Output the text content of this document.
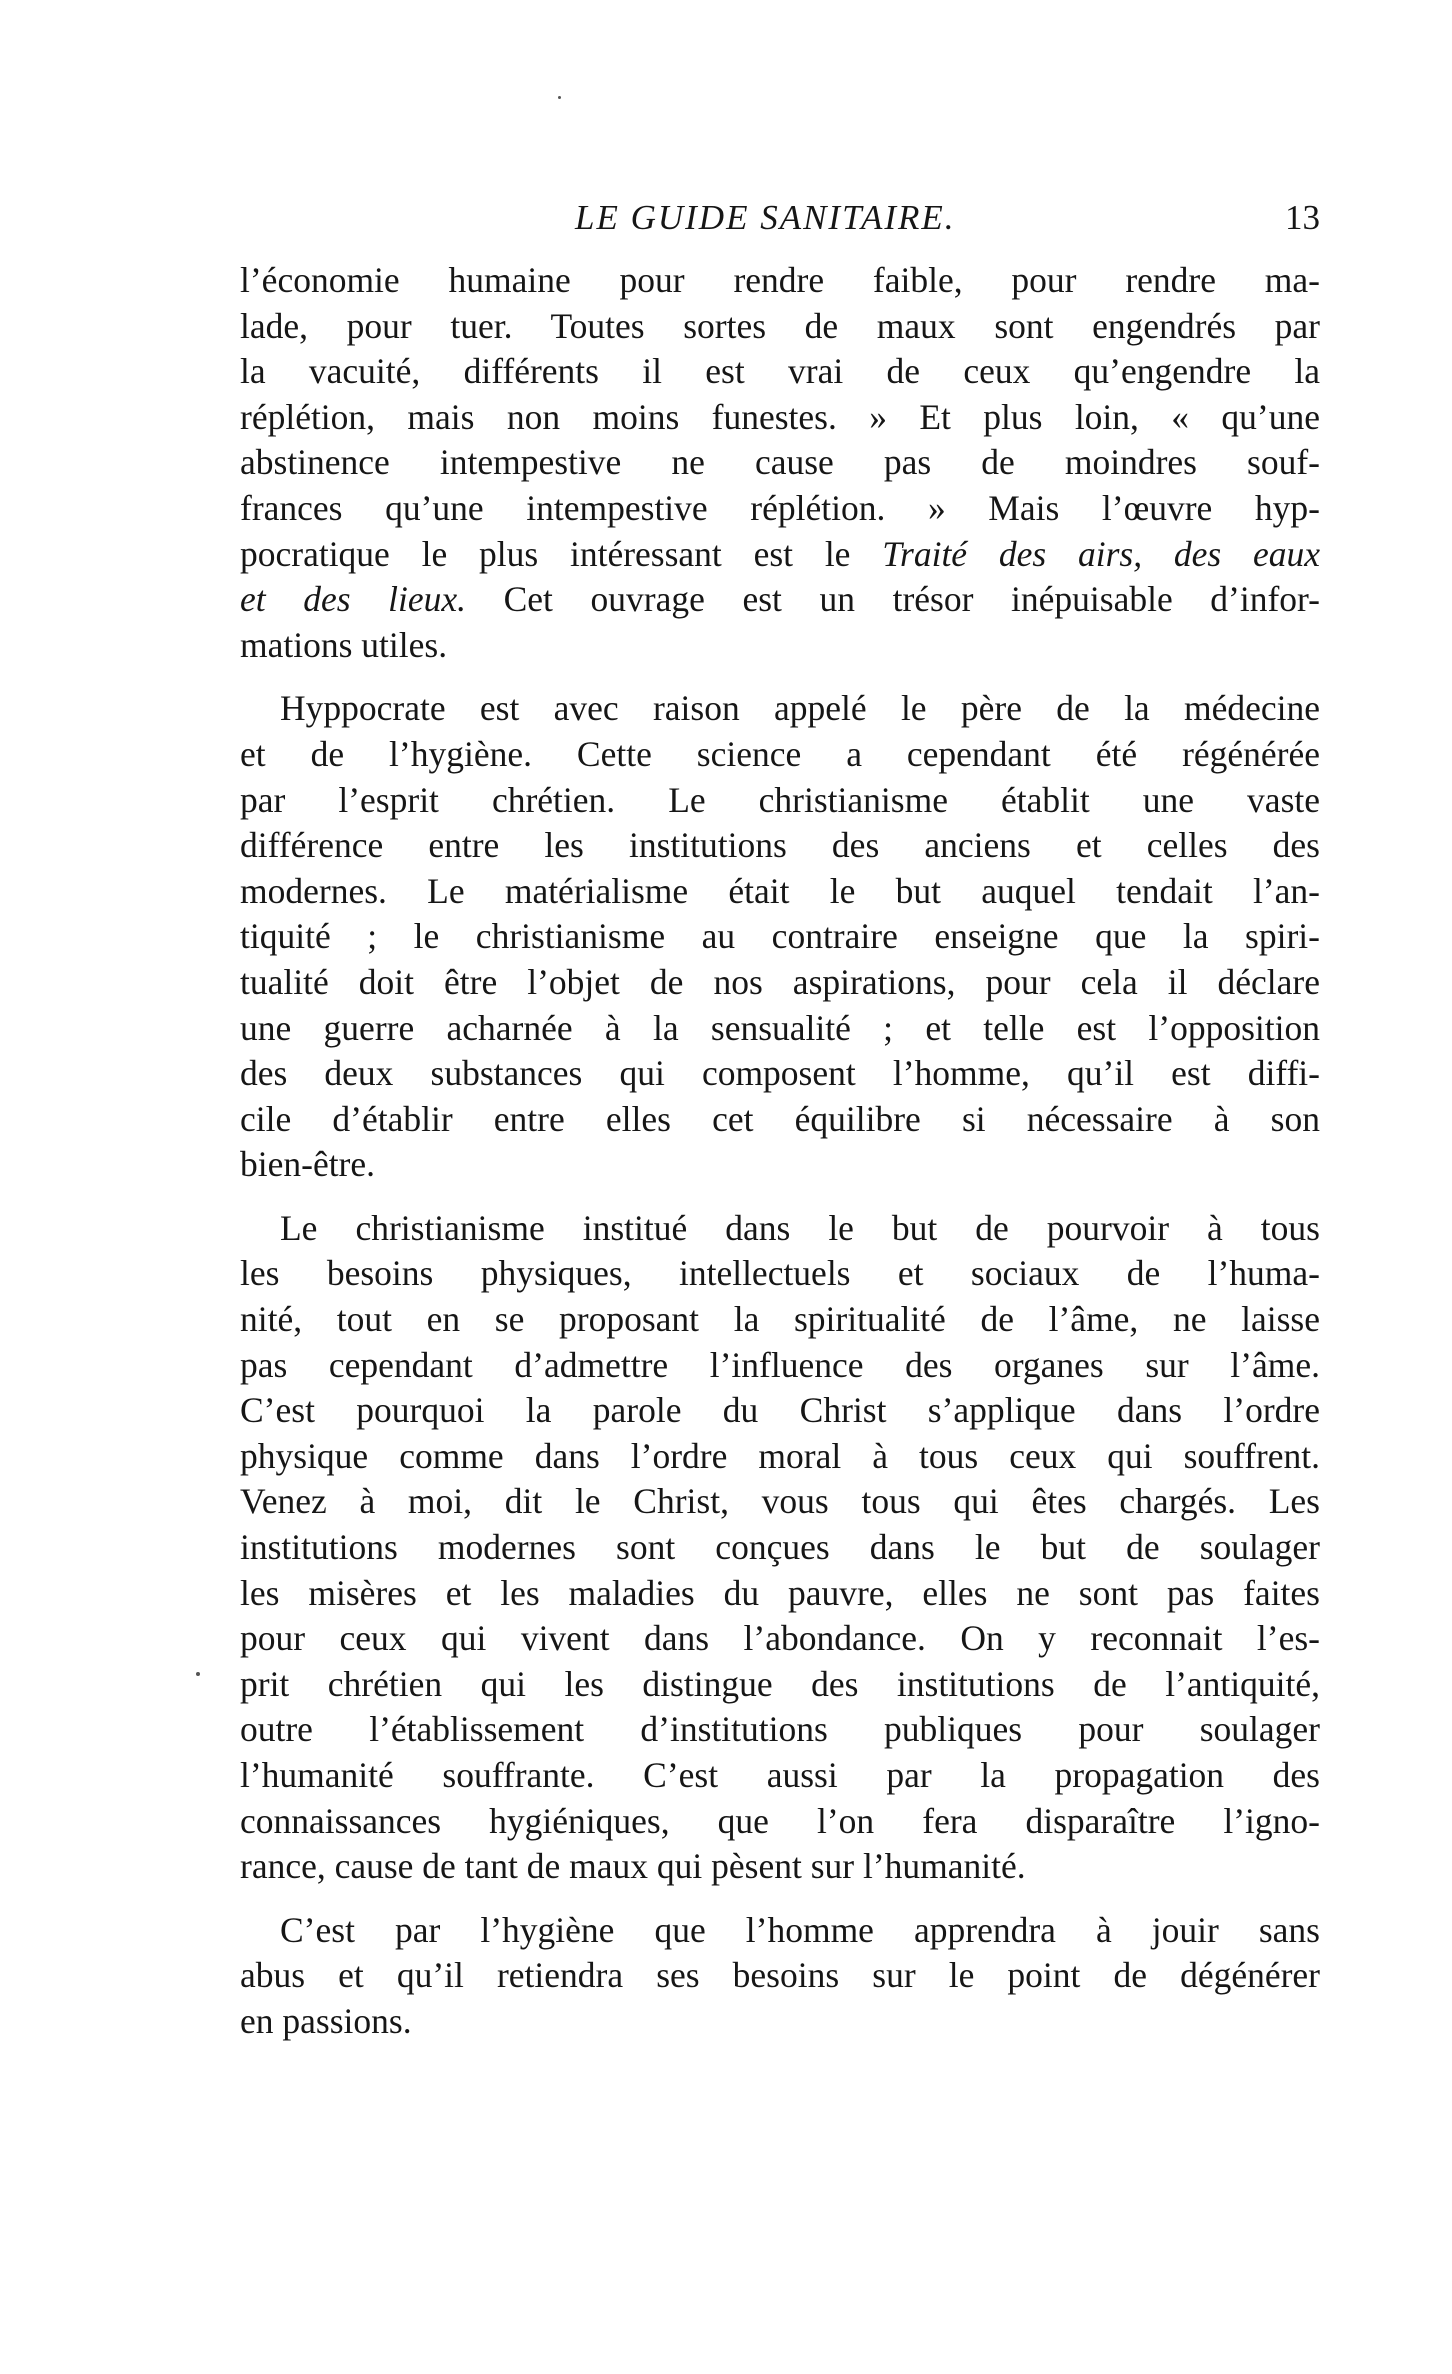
LE GUIDE SANITAIRE.	13
l’économie humaine pour rendre faible, pour rendre ma-
lade, pour tuer. Toutes sortes de maux sont engendrés par
la vacuité, différents il est vrai de ceux qu’engendre la
réplétion, mais non moins funestes. » Et plus loin, « qu’une
abstinence intempestive ne cause pas de moindres souf-
frances qu’une intempestive réplétion. » Mais l’œuvre hyp-
pocratique le plus intéressant est le Traité des airs, des eaux
et des lieux. Cet ouvrage est un trésor inépuisable d’infor-
mations utiles.
Hyppocrate est avec raison appelé le père de la médecine
et de l’hygiène. Cette science a cependant été régénérée
par l’esprit chrétien. Le christianisme établit une vaste
différence entre les institutions des anciens et celles des
modernes. Le matérialisme était le but auquel tendait l’an-
tiquité ; le christianisme au contraire enseigne que la spiri-
tualité doit être l’objet de nos aspirations, pour cela il déclare
une guerre acharnée à la sensualité ; et telle est l’opposition
des deux substances qui composent l’homme, qu’il est diffi-
cile d’établir entre elles cet équilibre si nécessaire à son
bien-être.
Le christianisme institué dans le but de pourvoir à tous
les besoins physiques, intellectuels et sociaux de l’huma-
nité, tout en se proposant la spiritualité de l’âme, ne laisse
pas cependant d’admettre l’influence des organes sur l’âme.
C’est pourquoi la parole du Christ s’applique dans l’ordre
physique comme dans l’ordre moral à tous ceux qui souffrent.
Venez à moi, dit le Christ, vous tous qui êtes chargés. Les
institutions modernes sont conçues dans le but de soulager
les misères et les maladies du pauvre, elles ne sont pas faites
pour ceux qui vivent dans l’abondance. On y reconnait l’es-
prit chrétien qui les distingue des institutions de l’antiquité,
outre l’établissement d’institutions publiques pour soulager
l’humanité souffrante. C’est aussi par la propagation des
connaissances hygiéniques, que l’on fera disparaître l’igno-
rance, cause de tant de maux qui pèsent sur l’humanité.
C’est par l’hygiène que l’homme apprendra à jouir sans
abus et qu’il retiendra ses besoins sur le point de dégénérer
en passions.
